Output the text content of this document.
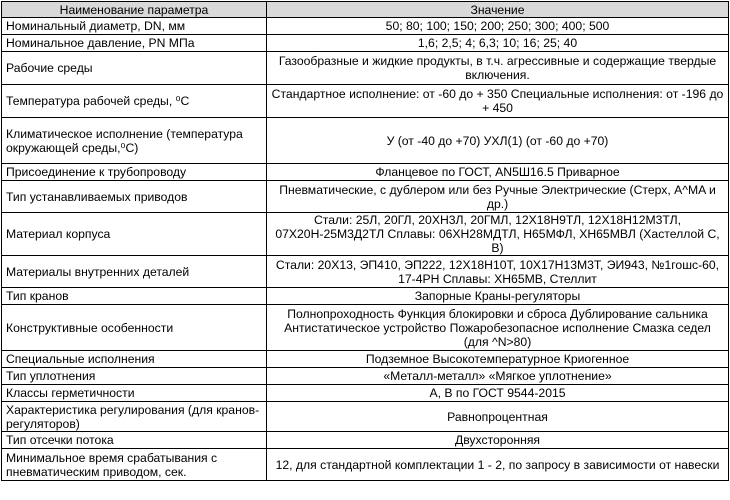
Наименование параметра	Значение
Номинальный диаметр, DN, мм	50; 80; 100; 150; 200; 250; 300; 400; 500
Номинальное давление, PN МПа	1,6; 2,5; 4; 6,3; 10; 16; 25; 40
Рабочие среды	Газообразные и жидкие продукты, в т.ч. агрессивные и содержащие твердые включения.
Температура рабочей среды, ⁰С	Стандартное исполнение: от -60 до + 350 Специальные исполнения: от -196 до + 450
Климатическое исполнение (температура окружающей среды,⁰С)	У (от -40 до +70) УХЛ(1) (от -60 до +70)
Присоединение к трубопроводу	Фланцевое по ГОСТ, AN5Ш16.5 Приварное
Тип устанавливаемых приводов	Пневматические, с дублером или без Ручные Электрические (Стерх, A^MA и др.)
Материал корпуса	Стали: 25Л, 20ГЛ, 20ХН3Л, 20ГМЛ, 12Х18Н9ТЛ, 12Х18Н12М3ТЛ, 07Х20Н-25М3Д2ТЛ Сплавы: 06ХН28МДТЛ, Н65МФЛ, ХН65МВЛ (Хастеллой С, В)
Материалы внутренних деталей	Стали: 20Х13, ЭП410, ЭП222, 12Х18Н10Т, 10Х17Н13М3Т, ЭИ943, №1гошс-60, 17-4РН Сплавы: ХН65МВ, Стеллит
Тип кранов	Запорные Краны-регуляторы
Конструктивные особенности	Полнопроходность Функция блокировки и сброса Дублирование сальника Антистатическое устройство Пожаробезопасное исполнение Смазка седел (для ^N>80)
Специальные исполнения	Подземное Высокотемпературное Криогенное
Тип уплотнения	«Металл-металл» «Мягкое уплотнение»
Классы герметичности	А, В по ГОСТ 9544-2015
Характеристика регулирования (для кранов-регуляторов)	Равнопроцентная
Тип отсечки потока	Двухсторонняя
Минимальное время срабатывания с пневматическим приводом, сек.	12, для стандартной комплектации 1 - 2, по запросу в зависимости от навески
